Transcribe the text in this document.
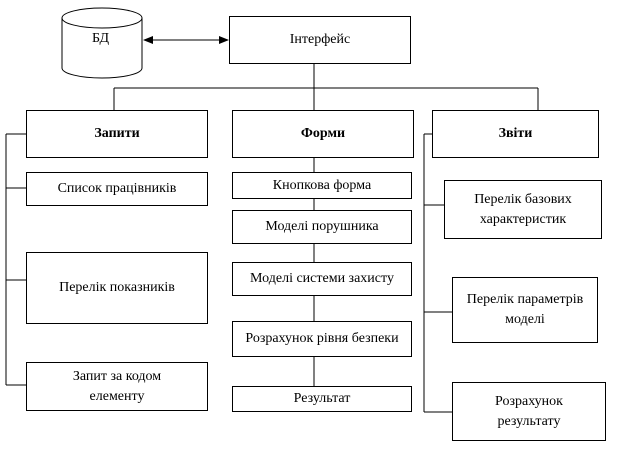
БД	Інтерфейс
Запити	Форми	Звіти
Список працівників
Перелік показників
Запит за кодом
елементу
Кнопкова форма
Моделі порушника
Моделі системи захисту
Розрахунок рівня безпеки
Результат
Перелік базових
характеристик
Перелік параметрів
моделі
Розрахунок
результату
